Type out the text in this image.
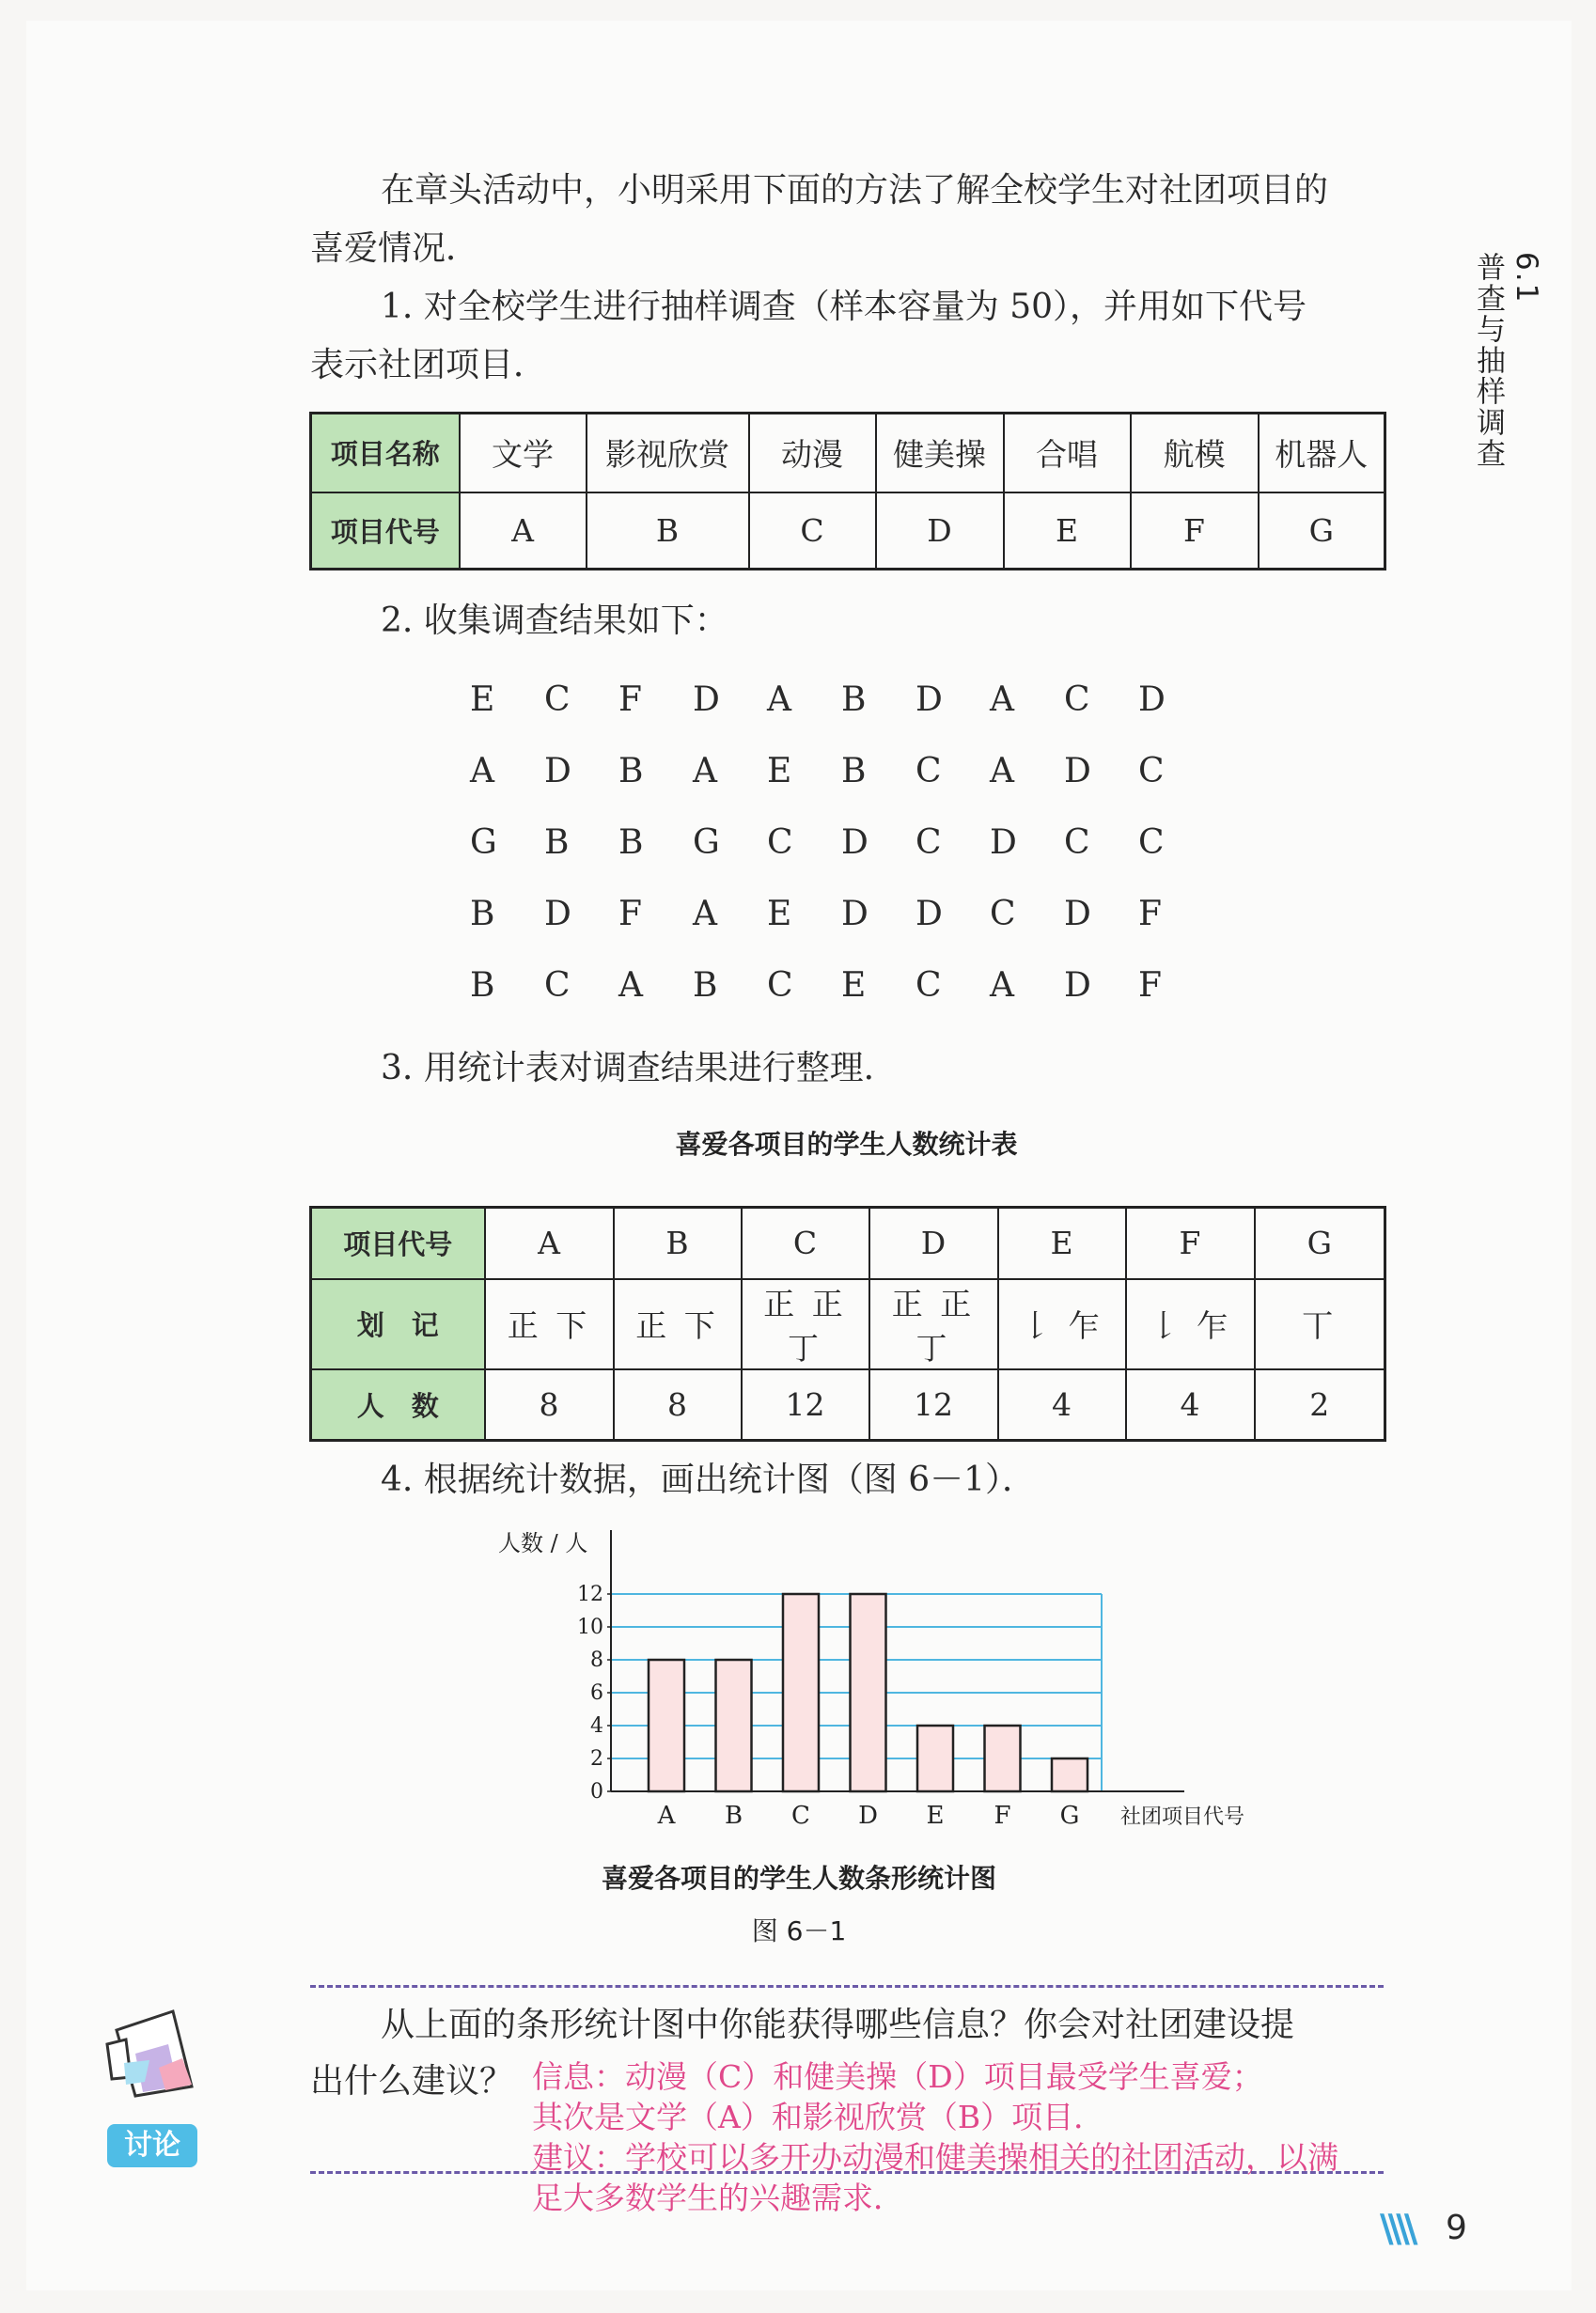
6.1
普查与抽样调查
在章头活动中，小明采用下面的方法了解全校学生对社团项目的
喜爱情况．
1. 对全校学生进行抽样调查（样本容量为 50），并用如下代号
表示社团项目．
项目名称	文学	影视欣赏	动漫	健美操	合唱	航模	机器人
项目代号	A	B	C	D	E	F	G
2. 收集调查结果如下：
E	C	F	D	A	B	D	A	C	D
A	D	B	A	E	B	C	A	D	C
G	B	B	G	C	D	C	D	C	C
B	D	F	A	E	D	D	C	D	F
B	C	A	B	C	E	C	A	D	F
3. 用统计表对调查结果进行整理．
喜爱各项目的学生人数统计表
项目代号	A	B	C	D	E	F	G
划　记	正 下	正 下	正 正 丁	正 正 丁	𠄌 乍	𠄌 乍	丅
人　数	8	8	12	12	4	4	2
4. 根据统计数据，画出统计图（图 6－1）．
0
2
4
6
8
10
12
A B C D E F G
人数 / 人
社团项目代号
喜爱各项目的学生人数条形统计图
图 6－1
讨论
从上面的条形统计图中你能获得哪些信息？你会对社团建设提
出什么建议？ 信息：动漫（C）和健美操（D）项目最受学生喜爱；
其次是文学（A）和影视欣赏（B）项目．
建议：学校可以多开办动漫和健美操相关的社团活动，以满
足大多数学生的兴趣需求．
\\\\ 9
